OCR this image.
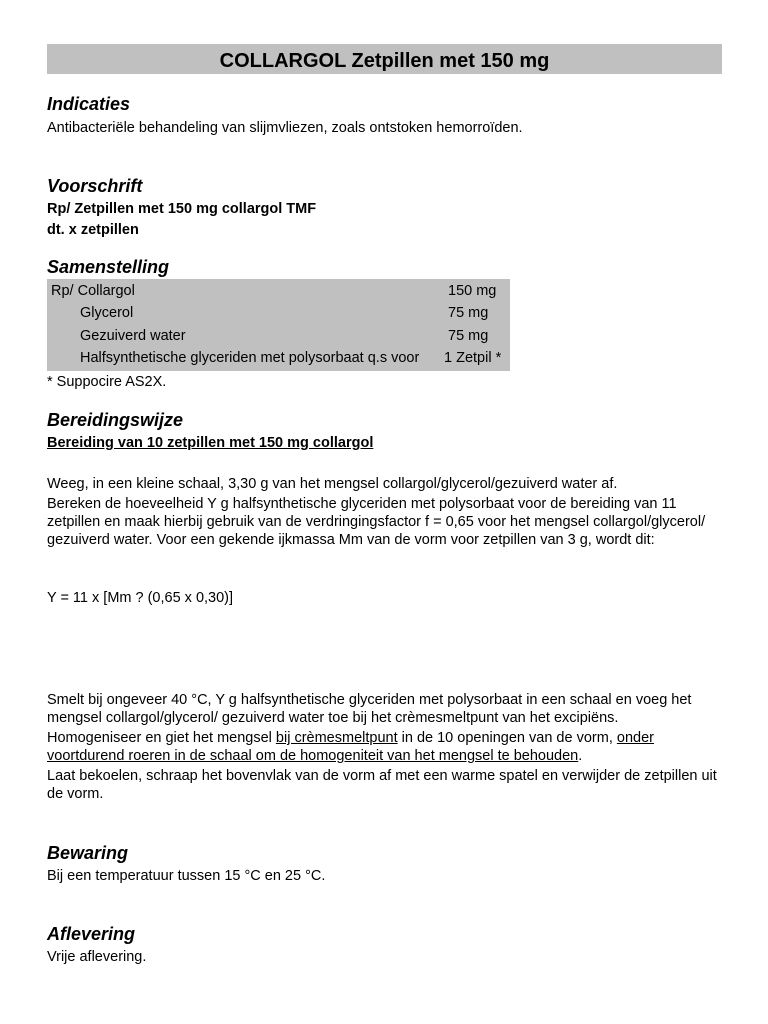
COLLARGOL Zetpillen met 150 mg
Indicaties
Antibacteriële behandeling van slijmvliezen, zoals ontstoken hemorroïden.
Voorschrift
Rp/ Zetpillen met 150 mg collargol TMF
dt. x zetpillen
Samenstelling
Rp/ Collargol	150 mg
Glycerol	75 mg
Gezuiverd water	75 mg
Halfsynthetische glyceriden met polysorbaat q.s voor 1 Zetpil *
* Suppocire AS2X.
Bereidingswijze
Bereiding van 10 zetpillen met 150 mg collargol

Weeg, in een kleine schaal, 3,30 g van het mengsel collargol/glycerol/gezuiverd water af.

Bereken de hoeveelheid Y g halfsynthetische glyceriden met polysorbaat voor de bereiding van 11 zetpillen en maak hierbij gebruik van de verdringingsfactor f = 0,65 voor het mengsel collargol/glycerol/ gezuiverd water. Voor een gekende ijkmassa Mm van de vorm voor zetpillen van 3 g, wordt dit:

Y = 11 x [Mm ? (0,65 x 0,30)]

Smelt bij ongeveer 40 °C, Y g halfsynthetische glyceriden met polysorbaat in een schaal en voeg het mengsel collargol/glycerol/ gezuiverd water toe bij het crèmesmeltpunt van het excipiëns.

Homogeniseer en giet het mengsel bij crèmesmeltpunt in de 10 openingen van de vorm, onder voortdurend roeren in de schaal om de homogeniteit van het mengsel te behouden.

Laat bekoelen, schraap het bovenvlak van de vorm af met een warme spatel en verwijder de zetpillen uit de vorm.

Bewaring
Bij een temperatuur tussen 15 °C en 25 °C.
Aflevering
Vrije aflevering.
